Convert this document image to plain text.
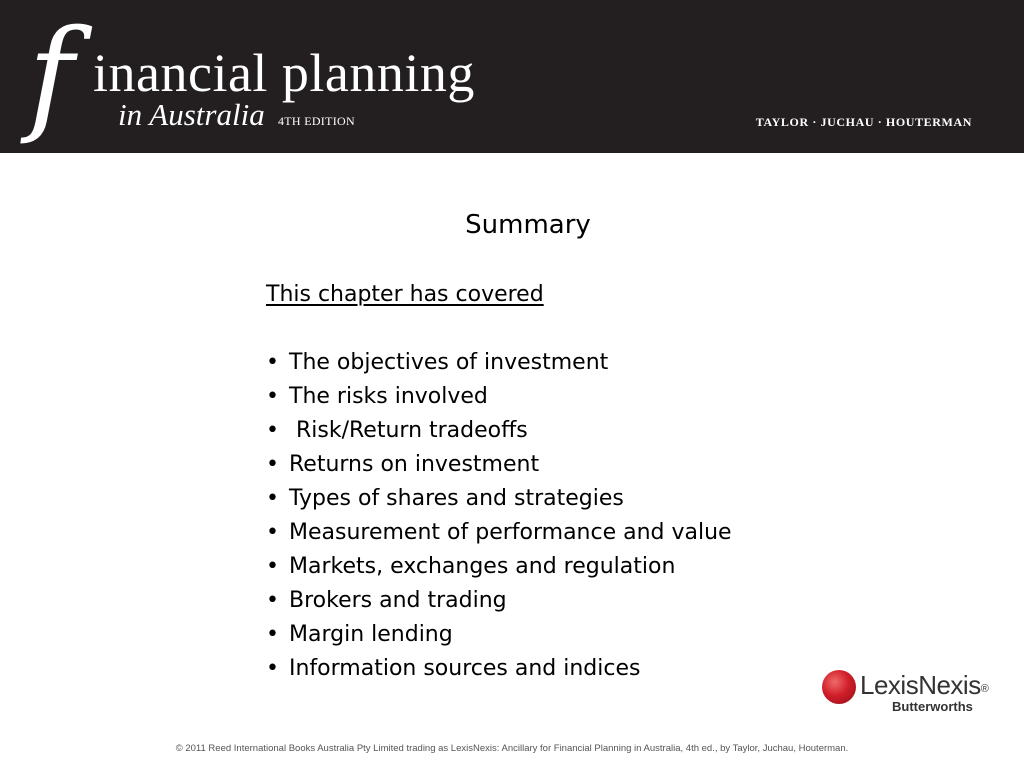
f inancial planning
in Australia 4TH EDITION	TAYLOR · JUCHAU · HOUTERMAN
Summary
This chapter has covered
• The objectives of investment
• The risks involved
• Risk/Return tradeoffs
• Returns on investment
• Types of shares and strategies
• Measurement of performance and value
• Markets, exchanges and regulation
• Brokers and trading
• Margin lending
• Information sources and indices
LexisNexis®
Butterworths
© 2011 Reed International Books Australia Pty Limited trading as LexisNexis: Ancillary for Financial Planning in Australia, 4th ed., by Taylor, Juchau, Houterman.
